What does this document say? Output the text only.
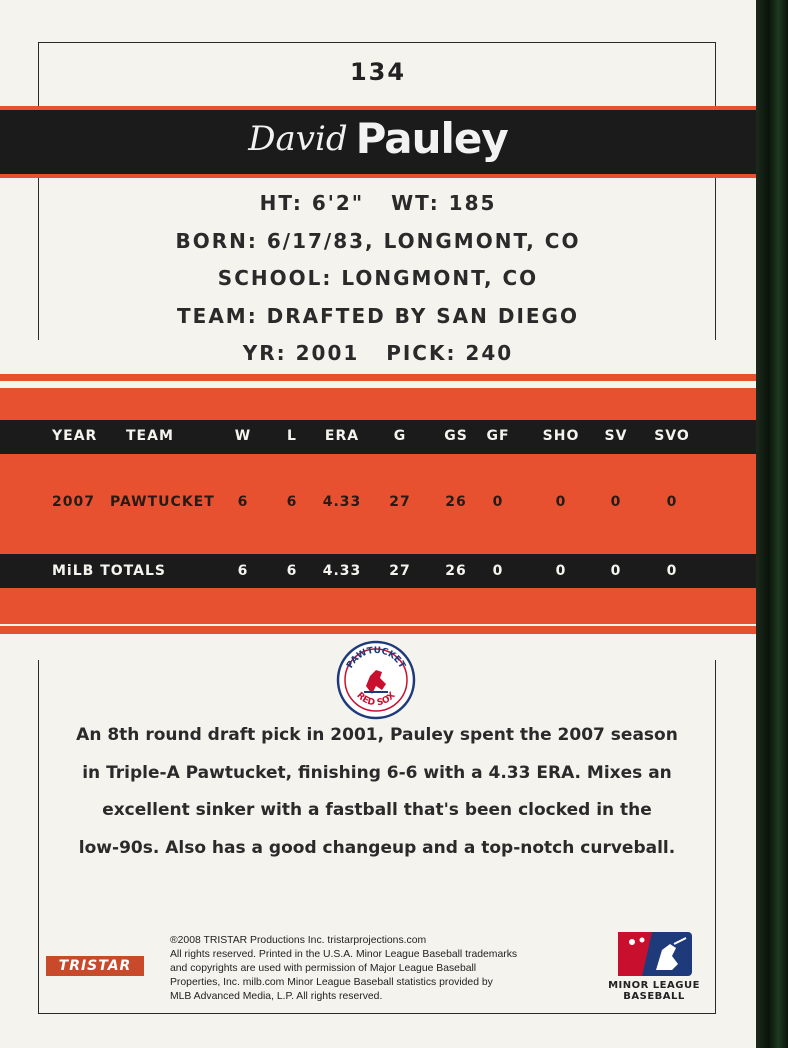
134
David Pauley
HT: 6'2"   WT: 185
BORN: 6/17/83, LONGMONT, CO
SCHOOL: LONGMONT, CO
TEAM: DRAFTED BY SAN DIEGO
YR: 2001   PICK: 240
YEAR TEAM	W	L ERA G	GS GF SHO SV SVO
2007 PAWTUCKET 6	6 4.33 27 26 0	0	0	0
MiLB TOTALS	6	6 4.33 27 26 0	0	0	0
PAWTUCKET
RED SOX
An 8th round draft pick in 2001, Pauley spent the 2007 season
in Triple-A Pawtucket, finishing 6-6 with a 4.33 ERA. Mixes an
excellent sinker with a fastball that's been clocked in the
low-90s. Also has a good changeup and a top-notch curveball.
TRISTAR
®2008 TRISTAR Productions Inc. tristarprojections.com
All rights reserved. Printed in the U.S.A. Minor League Baseball trademarks
and copyrights are used with permission of Major League Baseball
Properties, Inc. milb.com Minor League Baseball statistics provided by
MLB Advanced Media, L.P. All rights reserved.
MINOR LEAGUE
BASEBALL
